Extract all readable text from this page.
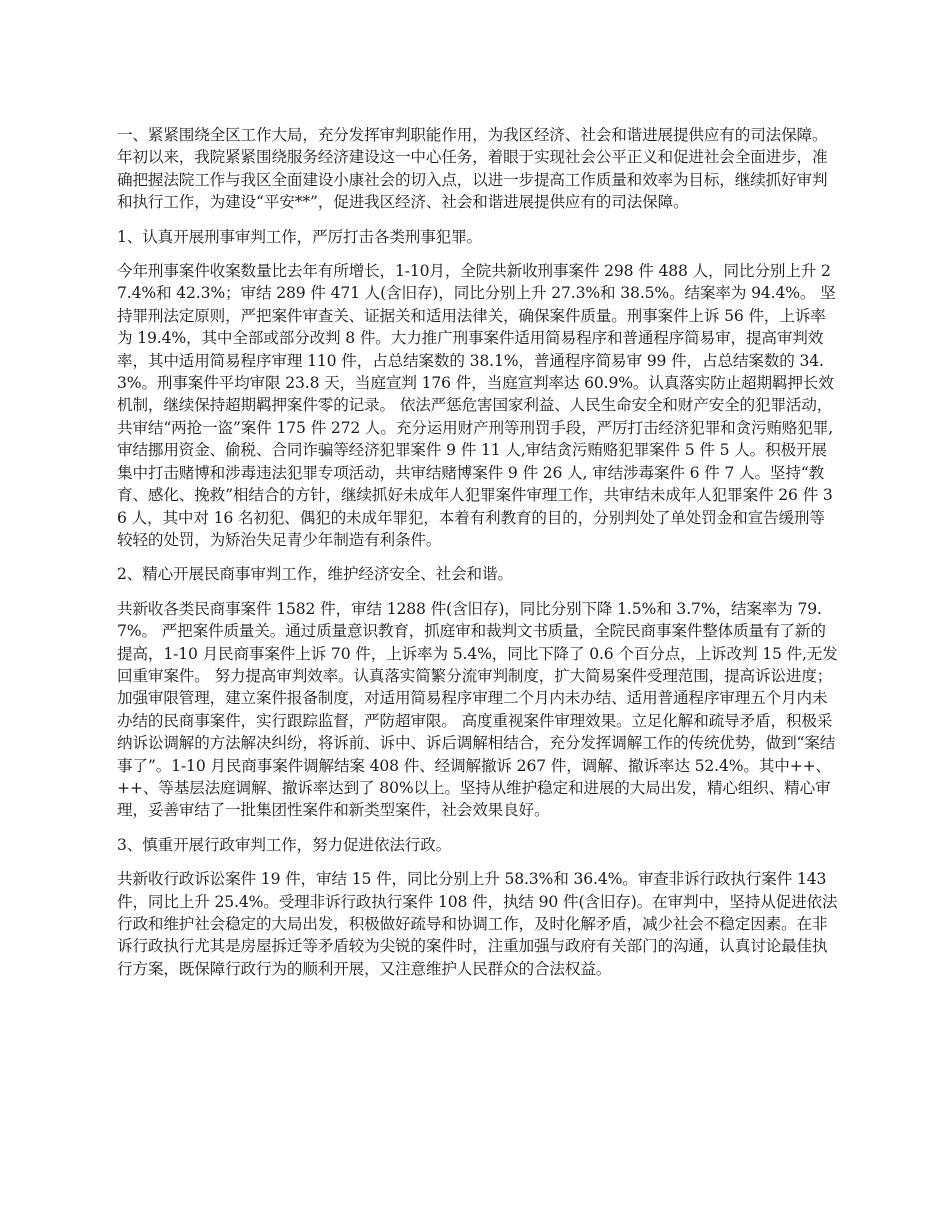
一、紧紧围绕全区工作大局，充分发挥审判职能作用，为我区经济、社会和谐进展提供应有的司法保障。 年初以来，我院紧紧围绕服务经济建设这一中心任务，着眼于实现社会公平正义和促进社会全面进步，准确把握法院工作与我区全面建设小康社会的切入点，以进一步提高工作质量和效率为目标，继续抓好审判和执行工作，为建设“平安**”，促进我区经济、社会和谐进展提供应有的司法保障。

1、认真开展刑事审判工作，严厉打击各类刑事犯罪。

今年刑事案件收案数量比去年有所增长，1-10月，全院共新收刑事案件 298 件 488 人，同比分别上升 27.4%和 42.3%；审结 289 件 471 人(含旧存)，同比分别上升 27.3%和 38.5%。结案率为 94.4%。 坚持罪刑法定原则，严把案件审查关、证据关和适用法律关，确保案件质量。刑事案件上诉 56 件，上诉率为 19.4%，其中全部或部分改判 8 件。大力推广刑事案件适用简易程序和普通程序简易审，提高审判效率，其中适用简易程序审理 110 件，占总结案数的 38.1%，普通程序简易审 99 件，占总结案数的 34.3%。刑事案件平均审限 23.8 天，当庭宣判 176 件，当庭宣判率达 60.9%。认真落实防止超期羁押长效机制，继续保持超期羁押案件零的记录。 依法严惩危害国家利益、人民生命安全和财产安全的犯罪活动，共审结“两抢一盗”案件 175 件 272 人。充分运用财产刑等刑罚手段，严厉打击经济犯罪和贪污贿赂犯罪,审结挪用资金、偷税、合同诈骗等经济犯罪案件 9 件 11 人,审结贪污贿赂犯罪案件 5 件 5 人。积极开展集中打击赌博和涉毒违法犯罪专项活动，共审结赌博案件 9 件 26 人, 审结涉毒案件 6 件 7 人。坚持“教育、感化、挽救”相结合的方针，继续抓好未成年人犯罪案件审理工作，共审结未成年人犯罪案件 26 件 36 人，其中对 16 名初犯、偶犯的未成年罪犯，本着有利教育的目的，分别判处了单处罚金和宣告缓刑等较轻的处罚，为矫治失足青少年制造有利条件。

2、精心开展民商事审判工作，维护经济安全、社会和谐。

共新收各类民商事案件 1582 件，审结 1288 件(含旧存)，同比分别下降 1.5%和 3.7%，结案率为 79.7%。 严把案件质量关。通过质量意识教育，抓庭审和裁判文书质量，全院民商事案件整体质量有了新的提高，1-10 月民商事案件上诉 70 件，上诉率为 5.4%，同比下降了 0.6 个百分点，上诉改判 15 件,无发回重审案件。 努力提高审判效率。认真落实简繁分流审判制度，扩大简易案件受理范围，提高诉讼进度；加强审限管理，建立案件报备制度，对适用简易程序审理二个月内未办结、适用普通程序审理五个月内未办结的民商事案件，实行跟踪监督，严防超审限。 高度重视案件审理效果。立足化解和疏导矛盾，积极采纳诉讼调解的方法解决纠纷，将诉前、诉中、诉后调解相结合，充分发挥调解工作的传统优势，做到“案结事了”。1-10 月民商事案件调解结案 408 件、经调解撤诉 267 件，调解、撤诉率达 52.4%。其中++、++、等基层法庭调解、撤诉率达到了 80%以上。坚持从维护稳定和进展的大局出发，精心组织、精心审理，妥善审结了一批集团性案件和新类型案件，社会效果良好。

3、慎重开展行政审判工作，努力促进依法行政。

共新收行政诉讼案件 19 件，审结 15 件，同比分别上升 58.3%和 36.4%。审查非诉行政执行案件 143 件，同比上升 25.4%。受理非诉行政执行案件 108 件，执结 90 件(含旧存)。在审判中，坚持从促进依法行政和维护社会稳定的大局出发，积极做好疏导和协调工作，及时化解矛盾，减少社会不稳定因素。在非诉行政执行尤其是房屋拆迁等矛盾较为尖锐的案件时，注重加强与政府有关部门的沟通，认真讨论最佳执行方案，既保障行政行为的顺利开展，又注意维护人民群众的合法权益。
